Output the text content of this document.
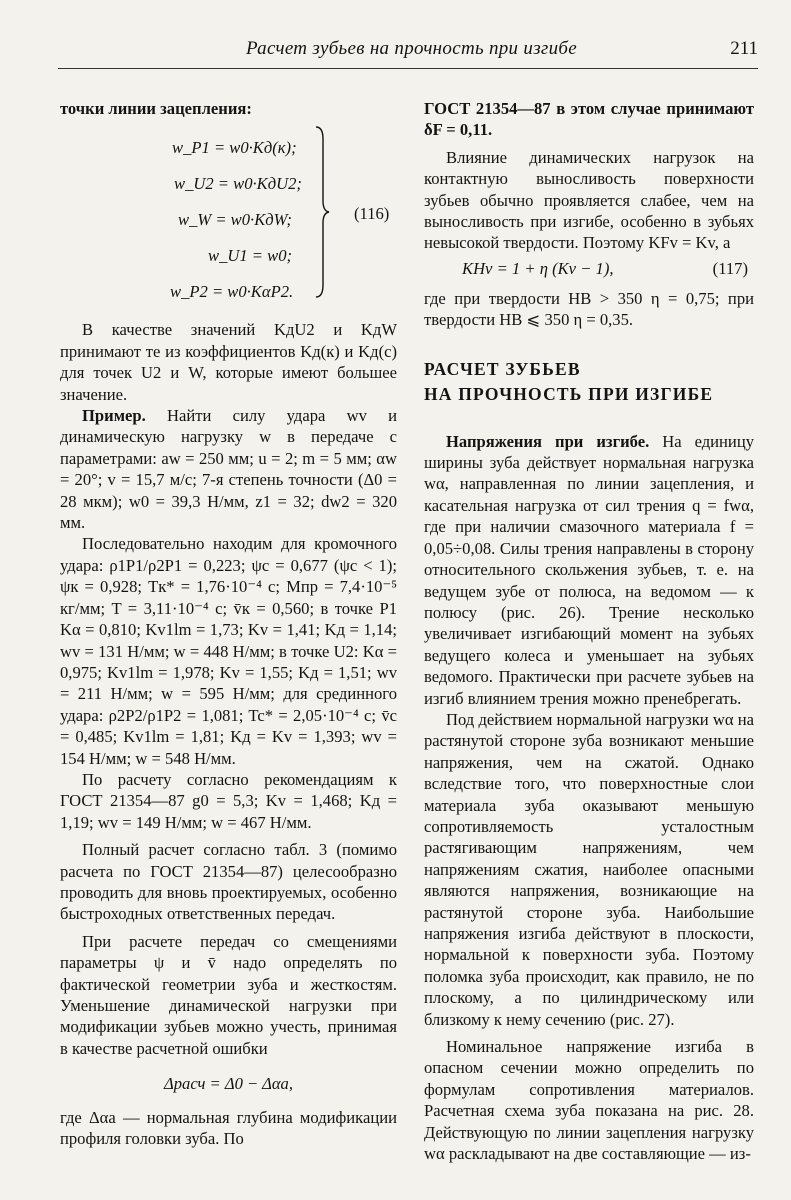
Расчет зубьев на прочность при изгибе	211

точки линии зацепления:

w_P1 = w0·Kд(к);
w_U2 = w0·KдU2;
w_W = w0·KдW;
w_U1 = w0;
w_P2 = w0·KαP2.
(116)

В качестве значений KдU2 и KдW принимают те из коэффициентов Kд(к) и Kд(с) для точек U2 и W, которые имеют большее значение.

Пример. Найти силу удара wv и динамическую нагрузку w в передаче с параметрами: aw = 250 мм; u = 2; m = 5 мм; αw = 20°; v = 15,7 м/с; 7-я степень точности (Δ0 = 28 мкм); w0 = 39,3 Н/мм, z1 = 32; dw2 = 320 мм.

Последовательно находим для кромочного удара: ρ1P1/ρ2P1 = 0,223; ψc = 0,677 (ψc < 1); ψк = 0,928; Tк* = 1,76·10⁻⁴ с; Mпр = 7,4·10⁻⁵ кг/мм; T = 3,11·10⁻⁴ с; v̄к = 0,560; в точке P1 Kα = 0,810; Kv1lm = 1,73; Kv = 1,41; Kд = 1,14; wv = 131 Н/мм; w = 448 Н/мм; в точке U2: Kα = 0,975; Kv1lm = 1,978; Kv = 1,55; Kд = 1,51; wv = 211 Н/мм; w = 595 Н/мм; для срединного удара: ρ2P2/ρ1P2 = 1,081; Tc* = 2,05·10⁻⁴ с; v̄c = 0,485; Kv1lm = 1,81; Kд = Kv = 1,393; wv = 154 Н/мм; w = 548 Н/мм.

По расчету согласно рекомендациям к ГОСТ 21354—87 g0 = 5,3; Kv = 1,468; Kд = 1,19; wv = 149 Н/мм; w = 467 Н/мм.

Полный расчет согласно табл. 3 (помимо расчета по ГОСТ 21354—87) целесообразно проводить для вновь проектируемых, особенно быстроходных ответственных передач.

При расчете передач со смещениями параметры ψ и v̄ надо определять по фактической геометрии зуба и жесткостям. Уменьшение динамической нагрузки при модификации зубьев можно учесть, принимая в качестве расчетной ошибки

Δрасч = Δ0 − Δαa,

где Δαa — нормальная глубина модификации профиля головки зуба. По

ГОСТ 21354—87 в этом случае принимают δF = 0,11.

Влияние динамических нагрузок на контактную выносливость поверхности зубьев обычно проявляется слабее, чем на выносливость при изгибе, особенно в зубьях невысокой твердости. Поэтому KFv = Kv, а

KHv = 1 + η (Kv − 1),	(117)

где при твердости HB > 350 η = 0,75; при твердости HB ⩽ 350 η = 0,35.

РАСЧЕТ ЗУБЬЕВ
НА ПРОЧНОСТЬ ПРИ ИЗГИБЕ

Напряжения при изгибе. На единицу ширины зуба действует нормальная нагрузка wα, направленная по линии зацепления, и касательная нагрузка от сил трения q = fwα, где при наличии смазочного материала f = 0,05÷0,08. Силы трения направлены в сторону относительного скольжения зубьев, т. е. на ведущем зубе от полюса, на ведомом — к полюсу (рис. 26). Трение несколько увеличивает изгибающий момент на зубьях ведущего колеса и уменьшает на зубьях ведомого. Практически при расчете зубьев на изгиб влиянием трения можно пренебрегать.

Под действием нормальной нагрузки wα на растянутой стороне зуба возникают меньшие напряжения, чем на сжатой. Однако вследствие того, что поверхностные слои материала зуба оказывают меньшую сопротивляемость усталостным растягивающим напряжениям, чем напряжениям сжатия, наиболее опасными являются напряжения, возникающие на растянутой стороне зуба. Наибольшие напряжения изгиба действуют в плоскости, нормальной к поверхности зуба. Поэтому поломка зуба происходит, как правило, не по плоскому, а по цилиндрическому или близкому к нему сечению (рис. 27).

Номинальное напряжение изгиба в опасном сечении можно определить по формулам сопротивления материалов. Расчетная схема зуба показана на рис. 28. Действующую по линии зацепления нагрузку wα раскладывают на две составляющие — из-
